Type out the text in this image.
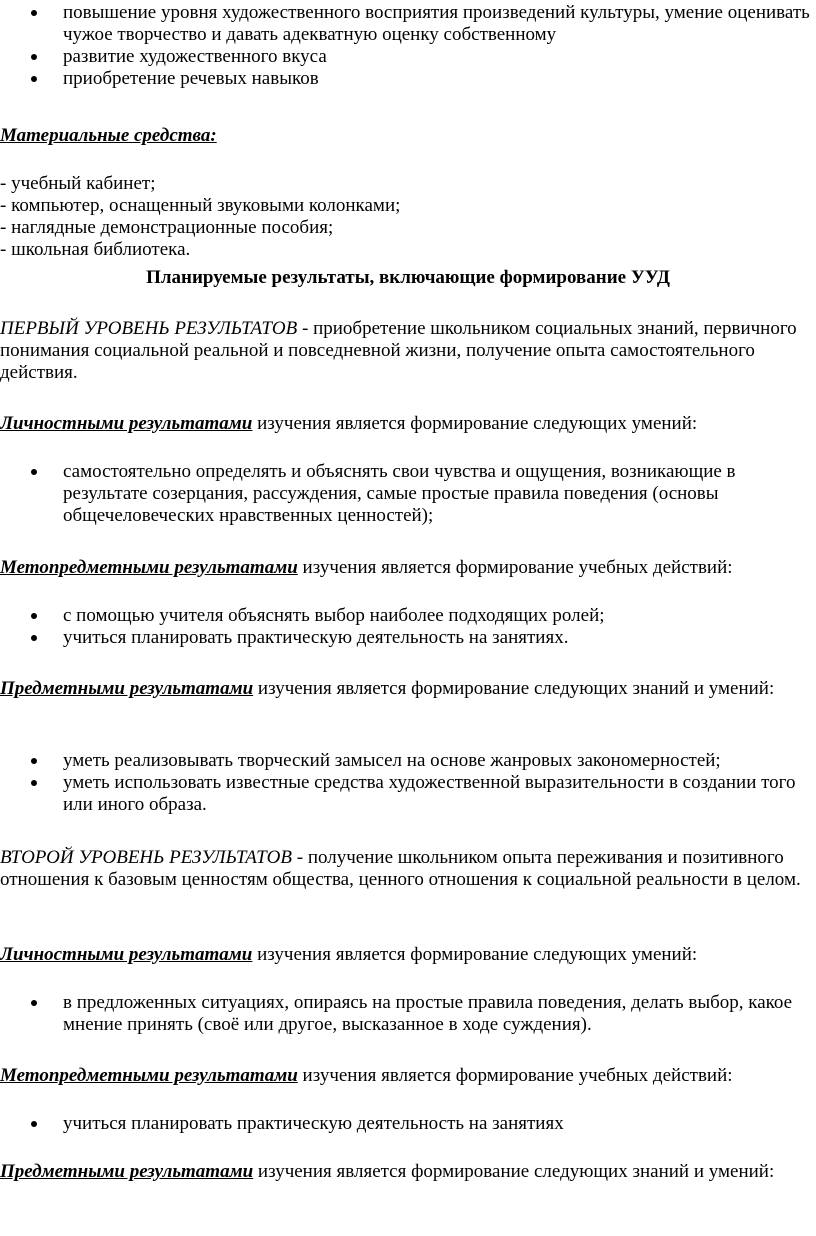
повышение уровня художественного восприятия произведений культуры, умение оценивать чужое творчество и давать адекватную оценку собственному
развитие художественного вкуса
приобретение речевых навыков

Материальные средства:

- учебный кабинет;

- компьютер, оснащенный звуковыми колонками;

- наглядные демонстрационные пособия;

- школьная библиотека.

Планируемые результаты, включающие формирование УУД

ПЕРВЫЙ УРОВЕНЬ РЕЗУЛЬТАТОВ - приобретение школьником социальных знаний, первичного понимания социальной реальной и повседневной жизни, получение опыта самостоятельного действия.

Личностными результатами изучения является формирование следующих умений:

самостоятельно определять и объяснять свои чувства и ощущения, возникающие в результате созерцания, рассуждения, самые простые правила поведения (основы общечеловеческих нравственных ценностей);

Метопредметными результатами изучения является формирование учебных действий:

с помощью учителя объяснять выбор наиболее подходящих ролей;
учиться планировать практическую деятельность на занятиях.

Предметными результатами изучения является формирование следующих знаний и умений:

уметь реализовывать творческий замысел на основе жанровых закономерностей;
уметь использовать известные средства художественной выразительности в создании того или иного образа.

ВТОРОЙ УРОВЕНЬ РЕЗУЛЬТАТОВ - получение школьником опыта переживания и позитивного отношения к базовым ценностям общества, ценного отношения к социальной реальности в целом.

Личностными результатами изучения является формирование следующих умений:

в предложенных ситуациях, опираясь на простые правила поведения, делать выбор, какое мнение принять (своё или другое, высказанное в ходе суждения).

Метопредметными результатами изучения является формирование учебных действий:

учиться планировать практическую деятельность на занятиях

Предметными результатами изучения является формирование следующих знаний и умений:
